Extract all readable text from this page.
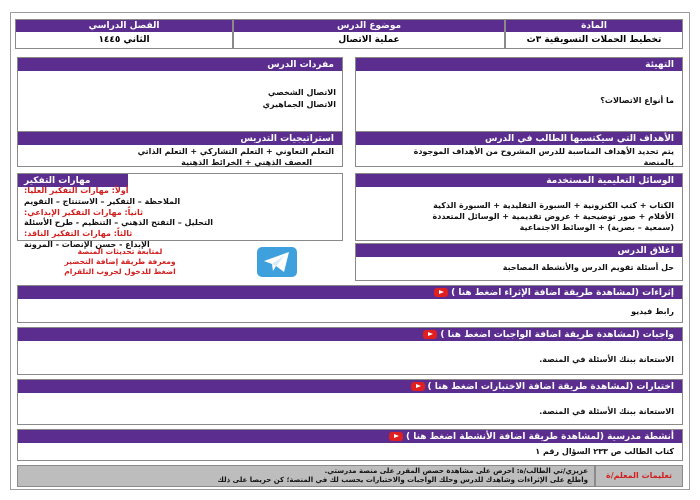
المادة
تخطيط الحملات التسويقية ٣ث
موضوع الدرس
عملية الاتصال
الفصل الدراسي
الثاني ١٤٤٥
التهيئة
ما أنواع الاتصالات؟
مفردات الدرس
الاتصال الشخصي
الاتصال الجماهيري
الأهداف التي سيكتسبها الطالب في الدرس
يتم تحديد الأهداف المناسبة للدرس المشروح من الأهداف الموجودة
بالمنصة
استراتيجيات التدريس
التعلم التعاوني + التعلم التشاركي + التعلم الذاتي
العصف الذهني + الخرائط الذهنية
الوسائل التعليمية المستخدمة
الكتاب + كتب الكترونية + السبورة التقليدية + السبورة الذكية
الأقلام + صور توضيحية + عروض تقديمية + الوسائل المتعددة
(سمعية – بصرية) + الوسائط الاجتماعية
مهارات التفكير
أولاً: مهارات التفكير العليا:
الملاحظة – التفكير – الاستنتاج – التقويم
ثانياً: مهارات التفكير الإبداعي:
التحليل – التفتح الذهني – التنظيم - طرح الأسئلة
ثالثاً: مهارات التفكير الناقد:
الإبداع - حسن الإنصات - المرونة
لمتابعة تحديثات المنصة
ومعرفة طريقة إضافة التحضير
اضغط للدخول لجروب التلقرام
اغلاق الدرس
حل أسئلة تقويم الدرس والأنشطة المصاحبة
إثراءات (لمشاهدة طريقة اضافة الإثراء اضغط هنا )
رابط فيديو
واجبات (لمشاهدة طريقة اضافة الواجبات اضغط هنا )
الاستعانة ببنك الأسئلة في المنصة.
اختبارات (لمشاهدة طريقة اضافة الاختبارات اضغط هنا )
الاستعانة ببنك الأسئلة في المنصة.
أنشطة مدرسية (لمشاهدة طريقة اضافة الأنشطة اضغط هنا )
كتاب الطالب ص ٢٣٣ السؤال رقم ١
تعليمات المعلم/ة
عزيزي/تي الطالب/ة: احرص على مشاهدة حصص المقرر على منصة مدرستي.
واطلع على الإثراءات وشاهدك للدرس وحلك الواجبات والاختبارات يحسب لك في المنصة؛ كن حريصا على ذلك
